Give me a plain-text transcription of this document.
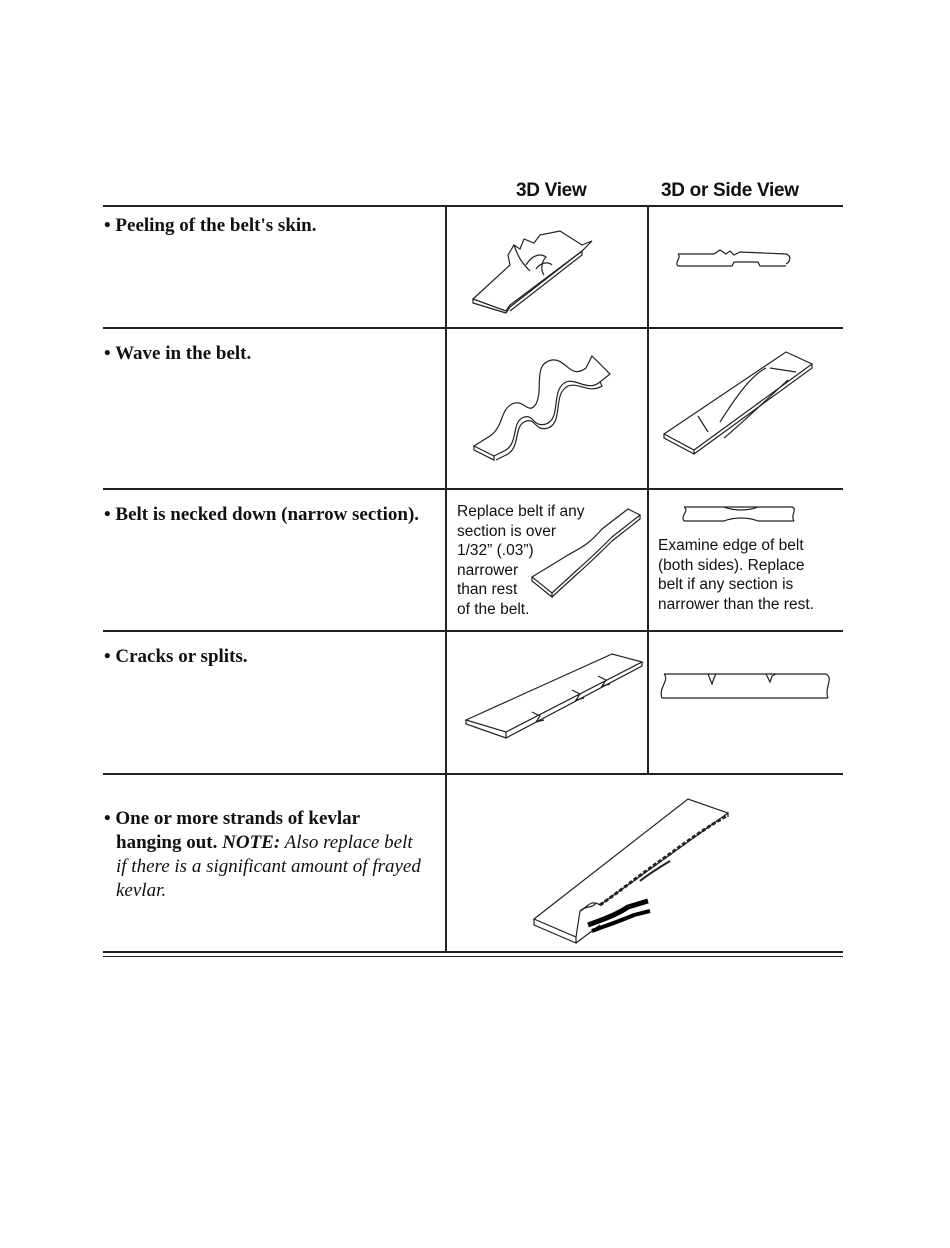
3D View	3D or Side View
• Peeling of the belt's skin.
• Wave in the belt.
• Belt is necked down (narrow section).	Replace belt if any
section is over
1/32” (.03”)
narrower
than rest
of the belt.
Examine edge of belt
(both sides). Replace
belt if any section is
narrower than the rest.
• Cracks or splits.
• One or more strands of kevlar
hanging out. NOTE: Also replace belt
if there is a significant amount of frayed
kevlar.
